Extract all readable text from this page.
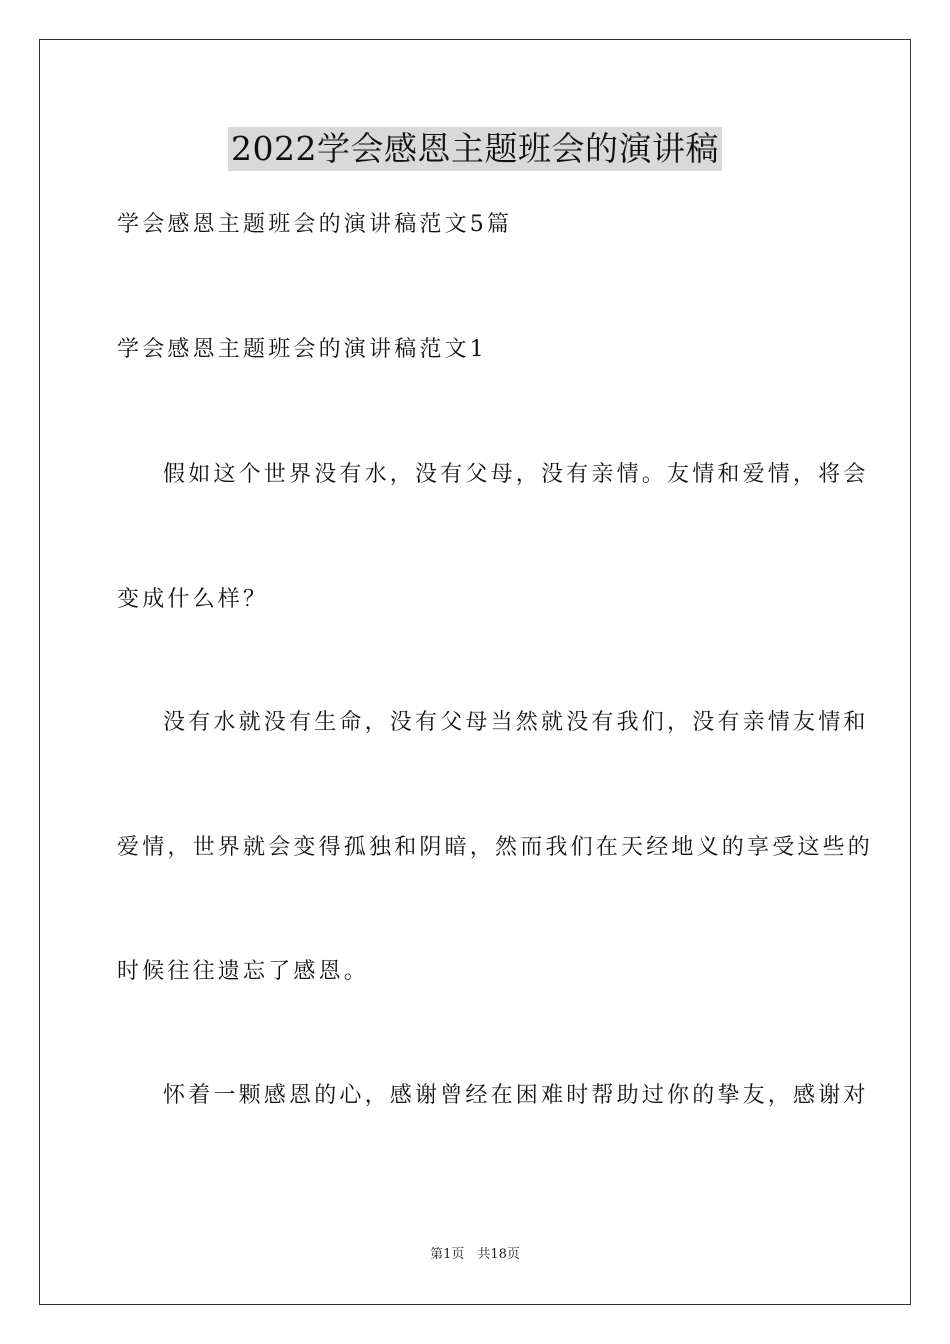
2022学会感恩主题班会的演讲稿
学会感恩主题班会的演讲稿范文5篇
学会感恩主题班会的演讲稿范文1
假如这个世界没有水，没有父母，没有亲情。友情和爱情，将会
变成什么样？
没有水就没有生命，没有父母当然就没有我们，没有亲情友情和
爱情，世界就会变得孤独和阴暗，然而我们在天经地义的享受这些的
时候往往遗忘了感恩。
怀着一颗感恩的心，感谢曾经在困难时帮助过你的挚友，感谢对
第1页　共18页
